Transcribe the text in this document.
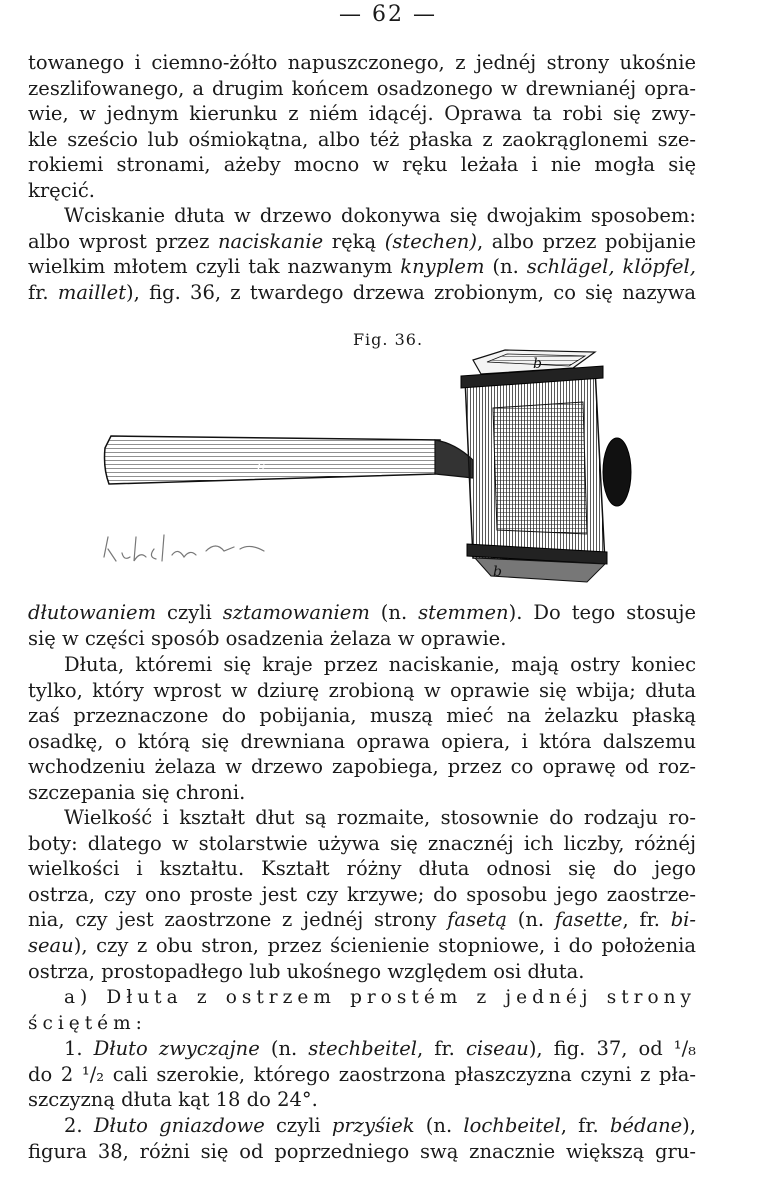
— 62 —
towanego i ciemno-żółto napuszczonego, z jednéj strony ukośnie
zeszlifowanego, a drugim końcem osadzonego w drewnianéj opra-
wie, w jednym kierunku z niém idącéj. Oprawa ta robi się zwy-
kle sześcio lub ośmiokątna, albo téż płaska z zaokrąglonemi sze-
rokiemi stronami, ażeby mocno w ręku leżała i nie mogła się
kręcić.
Wciskanie dłuta w drzewo dokonywa się dwojakim sposobem:
albo wprost przez naciskanie ręką (stechen), albo przez pobijanie
wielkim młotem czyli tak nazwanym knyplem (n. schlägel, klöpfel,
fr. maillet), fig. 36, z twardego drzewa zrobionym, co się nazywa
Fig. 36.
b
c
b
knebel
dłutowaniem czyli sztamowaniem (n. stemmen). Do tego stosuje
się w części sposób osadzenia żelaza w oprawie.
Dłuta, któremi się kraje przez naciskanie, mają ostry koniec
tylko, który wprost w dziurę zrobioną w oprawie się wbija; dłuta
zaś przeznaczone do pobijania, muszą mieć na żelazku płaską
osadkę, o którą się drewniana oprawa opiera, i która dalszemu
wchodzeniu żelaza w drzewo zapobiega, przez co oprawę od roz-
szczepania się chroni.
Wielkość i kształt dłut są rozmaite, stosownie do rodzaju ro-
boty: dlatego w stolarstwie używa się znacznéj ich liczby, różnéj
wielkości i kształtu. Kształt różny dłuta odnosi się do jego
ostrza, czy ono proste jest czy krzywe; do sposobu jego zaostrze-
nia, czy jest zaostrzone z jednéj strony fasetą (n. fasette, fr. bi-
seau), czy z obu stron, przez ścienienie stopniowe, i do położenia
ostrza, prostopadłego lub ukośnego względem osi dłuta.
a) Dłuta z ostrzem prostém z jednéj strony
ściętém:
1. Dłuto zwyczajne (n. stechbeitel, fr. ciseau), fig. 37, od ¹/₈
do 2 ¹/₂ cali szerokie, którego zaostrzona płaszczyzna czyni z pła-
szczyzną dłuta kąt 18 do 24°.
2. Dłuto gniazdowe czyli przyśiek (n. lochbeitel, fr. bédane),
figura 38, różni się od poprzedniego swą znacznie większą gru-
